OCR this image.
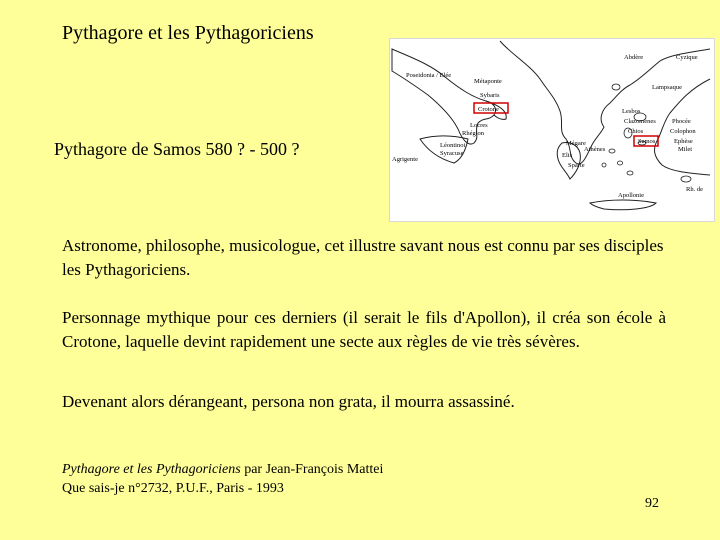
Pythagore et les Pythagoriciens
Abdère
Poseidonia / Elée
Métaponte
Sybaris
Crotone
Locres
Rhégion
Léontinoi
Syracuse
Agrigente
Cyzique
Lampsaque
Lesbos
Clazomènes Phocée
Chios	Colophon
Samos	Ephèse
Milet
Mégare
Athènes
Elis
Sparte
Apollonie
Rh. de
Pythagore de Samos 580 ? - 500 ?
Astronome, philosophe, musicologue, cet illustre savant nous est connu par ses disciples les Pythagoriciens.
Personnage mythique pour ces derniers (il serait le fils d'Apollon), il créa son école à Crotone, laquelle devint rapidement une secte aux règles de vie très sévères.
Devenant alors dérangeant, persona non grata, il mourra assassiné.
Pythagore et les Pythagoriciens par Jean-François Mattei
Que sais-je n°2732, P.U.F., Paris - 1993
92
